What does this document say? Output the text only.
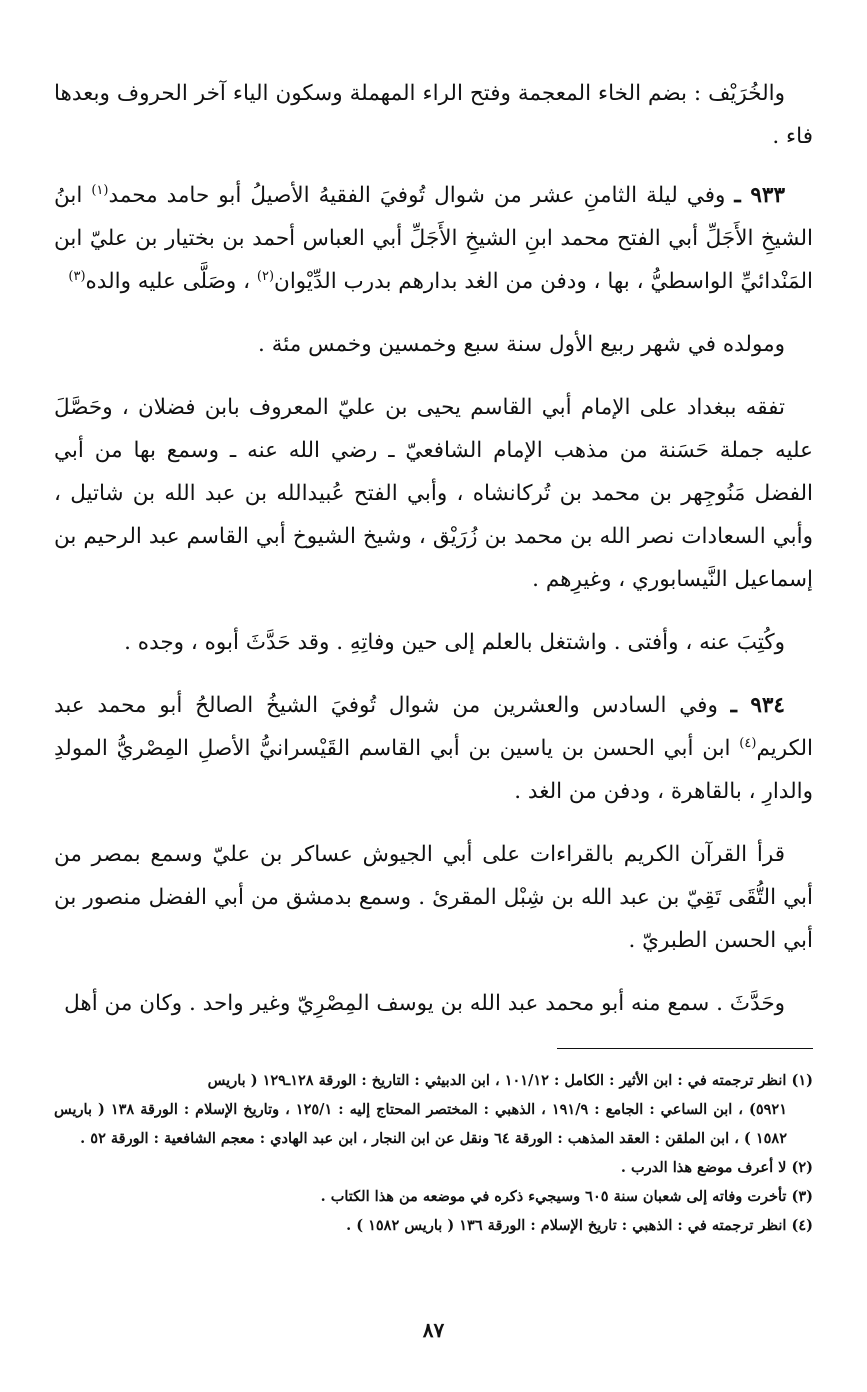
والخُرَيْف : بضم الخاء المعجمة وفتح الراء المهملة وسكون الياء آخر الحروف وبعدها فاء .

٩٣٣ ـ وفي ليلة الثامنِ عشر من شوال تُوفيَ الفقيهُ الأصيلُ أبو حامد محمد$^{(١)}$ ابنُ الشيخِ الأَجَلِّ أبي الفتح محمد ابنِ الشيخِ الأَجَلِّ أبي العباس أحمد بن بختيار بن عليّ ابن المَنْدائيِّ الواسطيُّ ، بها ، ودفن من الغد بدارهم بدرب الدِّيْوان$^{(٢)}$ ، وصَلَّى عليه والده$^{(٣)}$

ومولده في شهر ربيع الأول سنة سبع وخمسين وخمس مئة .

تفقه ببغداد على الإمام أبي القاسم يحيى بن عليّ المعروف بابن فضلان ، وحَصَّلَ عليه جملة حَسَنة من مذهب الإمام الشافعيّ ـ رضي الله عنه ـ وسمع بها من أبي الفضل مَنُوجِهر بن محمد بن تُركانشاه ، وأبي الفتح عُبيدالله بن عبد الله بن شاتيل ، وأبي السعادات نصر الله بن محمد بن زُرَيْق ، وشيخ الشيوخ أبي القاسم عبد الرحيم بن إسماعيل النَّيسابوري ، وغيرِهم .

وكُتِبَ عنه ، وأفتى . واشتغل بالعلم إلى حين وفاتِهِ . وقد حَدَّثَ أبوه ، وجده .

٩٣٤ ـ وفي السادس والعشرين من شوال تُوفيَ الشيخُ الصالحُ أبو محمد عبد الكريم$^{(٤)}$ ابن أبي الحسن بن ياسين بن أبي القاسم القَيْسرانيُّ الأصلِ المِصْريُّ المولدِ والدارِ ، بالقاهرة ، ودفن من الغد .

قرأ القرآن الكريم بالقراءات على أبي الجيوش عساكر بن عليّ وسمع بمصر من أبي التُّقَى تَقِيّ بن عبد الله بن شِبْل المقرئ . وسمع بدمشق من أبي الفضل منصور بن أبي الحسن الطبريّ .

وحَدَّثَ . سمع منه أبو محمد عبد الله بن يوسف المِصْرِيّ وغير واحد . وكان من أهل

(١) انظر ترجمته في : ابن الأثير : الكامل : ١٠١/١٢ ، ابن الدبيثي : التاريخ : الورقة ١٢٨ـ١٢٩ ( باريس

٥٩٢١) ، ابن الساعي : الجامع : ١٩١/٩ ، الذهبي : المختصر المحتاج إليه : ١٢٥/١ ، وتاريخ الإسلام : الورقة ١٣٨ ( باريس ١٥٨٢ ) ، ابن الملقن : العقد المذهب : الورقة ٦٤ ونقل عن ابن النجار ، ابن عبد الهادي : معجم الشافعية : الورقة ٥٢ .

(٢) لا أعرف موضع هذا الدرب .

(٣) تأخرت وفاته إلى شعبان سنة ٦٠٥ وسيجيء ذكره في موضعه من هذا الكتاب .

(٤) انظر ترجمته في : الذهبي : تاريخ الإسلام : الورقة ١٣٦ ( باريس ١٥٨٢ ) .

٨٧
